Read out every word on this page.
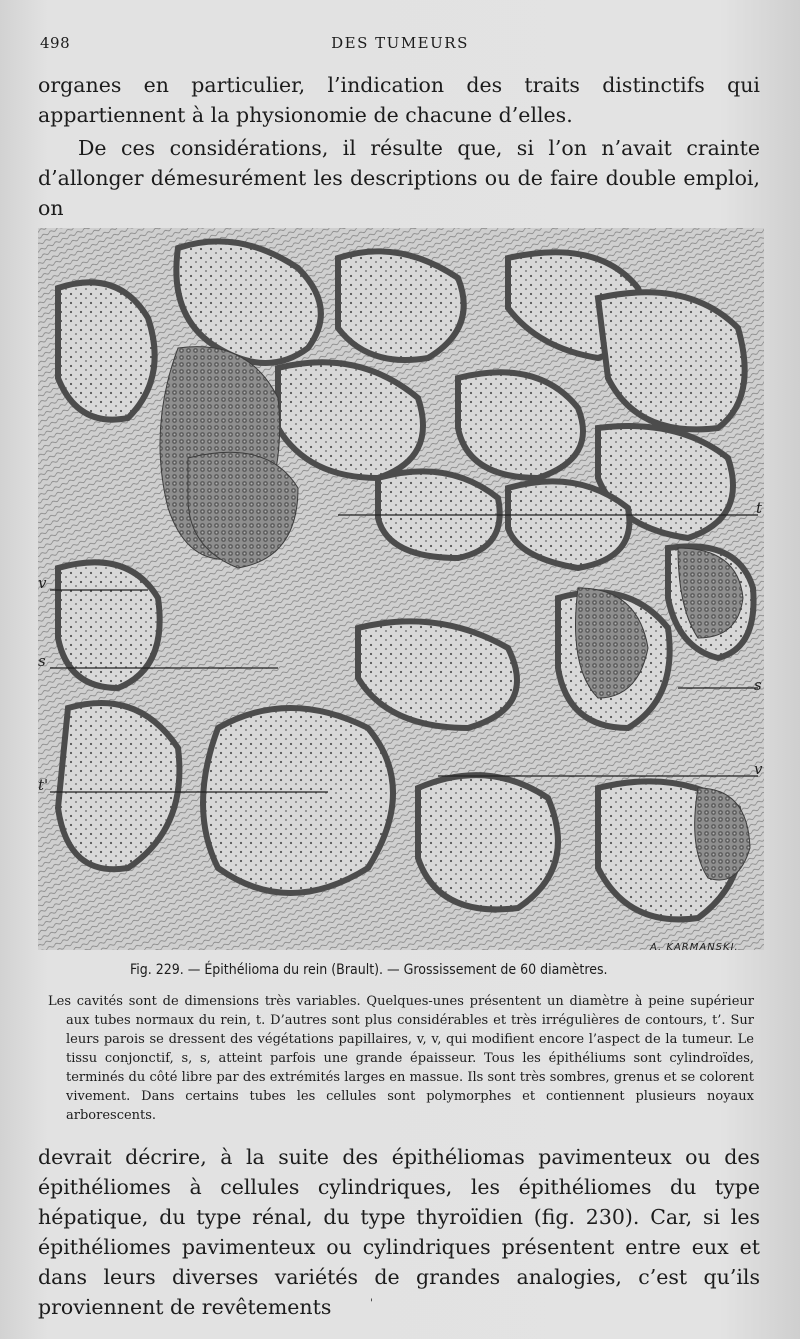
498	DES TUMEURS

organes en particulier, l’indication des traits distinctifs qui appartiennent à la physionomie de chacune d’elles.

De ces considérations, il résulte que, si l’on n’avait crainte d’allonger démesurément les descriptions ou de faire double emploi, on

t
v
s
s
t'
v
A. KARMANSKI.
Fig. 229. — Épithélioma du rein (Brault). — Grossissement de 60 diamètres.
Les cavités sont de dimensions très variables. Quelques-unes présentent un diamètre à peine supérieur aux tubes normaux du rein, t. D’autres sont plus considérables et très irrégulières de contours, t’. Sur leurs parois se dressent des végétations papillaires, v, v, qui modifient encore l’aspect de la tumeur. Le tissu conjonctif, s, s, atteint parfois une grande épaisseur. Tous les épithéliums sont cylindroïdes, terminés du côté libre par des extrémités larges en massue. Ils sont très sombres, grenus et se colorent vivement. Dans certains tubes les cellules sont polymorphes et contiennent plusieurs noyaux arborescents.

devrait décrire, à la suite des épithéliomas pavimenteux ou des épithéliomes à cellules cylindriques, les épithéliomes du type hépatique, du type rénal, du type thyroïdien (fig. 230). Car, si les épithéliomes pavimenteux ou cylindriques présentent entre eux et dans leurs diverses variétés de grandes analogies, c’est qu’ils proviennent de revêtements	'
